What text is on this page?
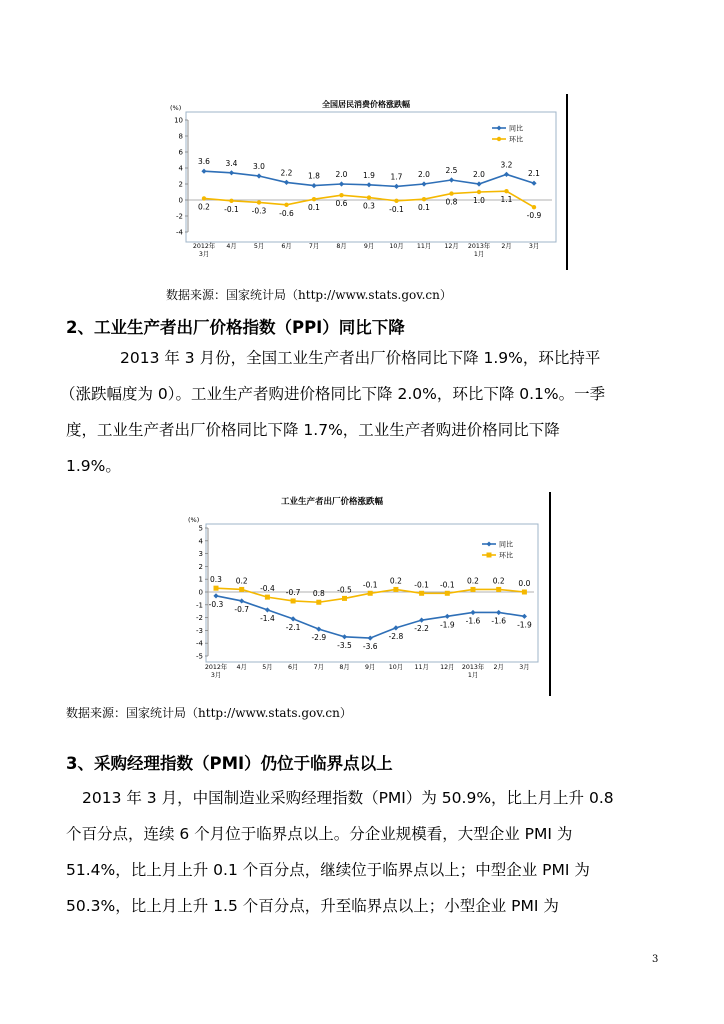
全国居民消费价格涨跌幅
(%)
10
8
6
4
2
0
-2
-4
2012年
3月
4月	5月	6月	7月	8月	9月 10月 11月 12月 2013年
1月
2月	3月
3.6 3.4 3.0
2.2 1.8 2.0 1.9 1.7 2.0 2.5 2.0
3.2
2.1
同比
0.2 -0.1 -0.3 -0.6
0.1 0.6 0.3 -0.1 0.1
0.8 1.0 1.1
-0.9
环比
数据来源：国家统计局（http://www.stats.gov.cn）
2、工业生产者出厂价格指数（PPI）同比下降
2013 年 3 月份，全国工业生产者出厂价格同比下降 1.9%，环比持平
（涨跌幅度为 0）。工业生产者购进价格同比下降 2.0%，环比下降 0.1%。一季
度，工业生产者出厂价格同比下降 1.7%，工业生产者购进价格同比下降
1.9%。
工业生产者出厂价格涨跌幅
(%)
5
4
3
2
1
0
-1
-2
-3
-4
-5
2012年
3月
4月 5月 6月 7月 8月 9月 10月 11月 12月 2013年
1月
2月 3月
-0.3
-0.7
-1.4
-2.1
-2.9
-3.5 -3.6
-2.8
-2.2 -1.9 -1.6 -1.6 -1.9
同比
0.3 0.2
-0.4 -0.7 0.8 -0.5
-0.1 0.2 -0.1 -0.1 0.2 0.2 0.0
环比
数据来源：国家统计局（http://www.stats.gov.cn）
3、采购经理指数（PMI）仍位于临界点以上
2013 年 3 月，中国制造业采购经理指数（PMI）为 50.9%，比上月上升 0.8
个百分点，连续 6 个月位于临界点以上。分企业规模看，大型企业 PMI 为
51.4%，比上月上升 0.1 个百分点，继续位于临界点以上；中型企业 PMI 为
50.3%，比上月上升 1.5 个百分点，升至临界点以上；小型企业 PMI 为
3
